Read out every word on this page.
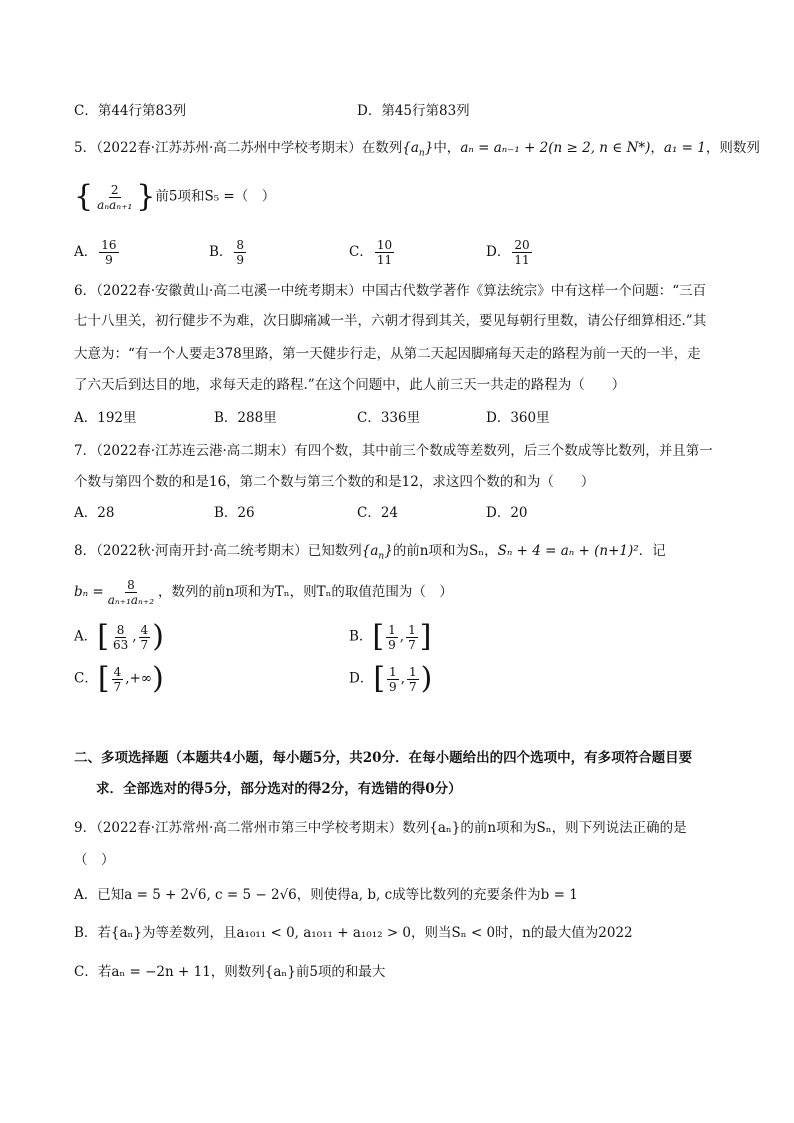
C．第44行第83列	D．第45行第83列
5．（2022春·江苏苏州·高二苏州中学校考期末）在数列$\{a_n\}$中，aₙ = aₙ₋₁ + 2(n ≥ 2, n ∈ N*)，a₁ = 1，则数列
{ $\frac{2}{\text{aₙaₙ₊₁}}$ }前5项和S₅ =（　）
A． $\frac{16}{9}$	B． $\frac{8}{9}$	C． $\frac{10}{11}$	D． $\frac{20}{11}$
6．（2022春·安徽黄山·高二屯溪一中统考期末）中国古代数学著作《算法统宗》中有这样一个问题：“三百
七十八里关，初行健步不为难，次日脚痛减一半，六朝才得到其关，要见每朝行里数，请公仔细算相还.”其
大意为：“有一个人要走378里路，第一天健步行走，从第二天起因脚痛每天走的路程为前一天的一半，走
了六天后到达目的地，求每天走的路程.”在这个问题中，此人前三天一共走的路程为（　　）
A．192里	B．288里	C．336里	D．360里
7．（2022春·江苏连云港·高二期末）有四个数，其中前三个数成等差数列，后三个数成等比数列，并且第一
个数与第四个数的和是16，第二个数与第三个数的和是12，求这四个数的和为（　　）
A．28	B．26	C．24	D．20
8．（2022秋·河南开封·高二统考期末）已知数列$\{a_n\}$的前n项和为Sₙ，Sₙ + 4 = aₙ + (n+1)²．记
$b_n = \frac{8}{\text{aₙ₊₁aₙ₊₂}}$ ，数列的前n项和为Tₙ，则Tₙ的取值范围为（　）
A．[ $\frac{8}{63}$ , $\frac{4}{7}$ )	B．[ $\frac{1}{9}$ , $\frac{1}{7}$ ]
C．[ $\frac{4}{7}$ ,+∞)	D．[ $\frac{1}{9}$ , $\frac{1}{7}$ )
二、多项选择题（本题共4小题，每小题5分，共20分．在每小题给出的四个选项中，有多项符合题目要
求．全部选对的得5分，部分选对的得2分，有选错的得0分）
9．（2022春·江苏常州·高二常州市第三中学校考期末）数列{aₙ}的前n项和为Sₙ，则下列说法正确的是
（　）
A．已知a = 5 + 2√6, c = 5 − 2√6，则使得a, b, c成等比数列的充要条件为b = 1
B．若{aₙ}为等差数列，且a₁₀₁₁ < 0, a₁₀₁₁ + a₁₀₁₂ > 0，则当Sₙ < 0时，n的最大值为2022
C．若aₙ = −2n + 11，则数列{aₙ}前5项的和最大
